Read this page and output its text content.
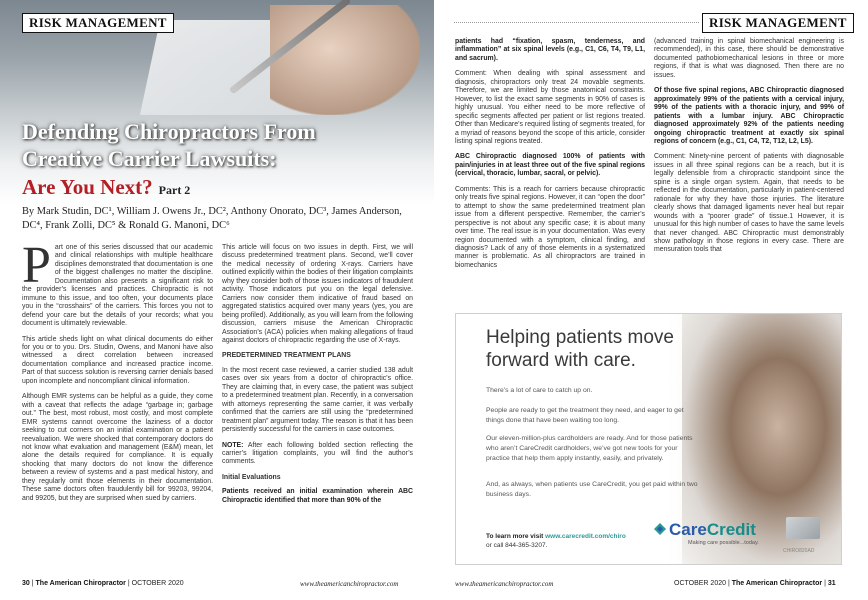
RISK MANAGEMENT
Defending Chiropractors From
Creative Carrier Lawsuits:
Are You Next? Part 2
By Mark Studin, DC¹, William J. Owens Jr., DC², Anthony Onorato, DC³, James Anderson, DC⁴, Frank Zolli, DC⁵ & Ronald G. Manoni, DC⁶

Part one of this series discussed that our academic and clinical relationships with multiple healthcare disciplines demonstrated that documentation is one of the biggest challenges no matter the discipline. Documentation also presents a significant risk to the provider’s licenses and practices. Chiropractic is not immune to this issue, and too often, your documents place you in the “crosshairs” of the carriers. This forces you not to defend your care but the details of your records; what you document is ultimately reviewable.

This article sheds light on what clinical documents do either for you or to you. Drs. Studin, Owens, and Manoni have also witnessed a direct correlation between increased documentation compliance and increased practice income. Part of that success solution is reversing carrier denials based upon incomplete and noncompliant clinical information.

Although EMR systems can be helpful as a guide, they come with a caveat that reflects the adage “garbage in; garbage out.” The best, most robust, most costly, and most complete EMR systems cannot overcome the laziness of a doctor seeking to cut corners on an initial examination or a patient reevaluation. We were shocked that contemporary doctors do not know what evaluation and management (E&M) mean, let alone the details required for compliance. It is equally shocking that many doctors do not know the difference between a review of systems and a past medical history, and they regularly omit those elements in their documentation. These same doctors often fraudulently bill for 99203, 99204, and 99205, but they are surprised when sued by carriers.

This article will focus on two issues in depth. First, we will discuss predetermined treatment plans. Second, we’ll cover the medical necessity of ordering X-rays. Carriers have outlined explicitly within the bodies of their litigation complaints why they consider both of those issues indicators of fraudulent activity. Those indicators put you on the legal defensive. Carriers now consider them indicative of fraud based on aggregated statistics acquired over many years (yes, you are being profiled). Additionally, as you will learn from the following discussion, carriers misuse the American Chiropractic Association’s (ACA) policies when making allegations of fraud against doctors of chiropractic regarding the use of X-rays.

PREDETERMINED TREATMENT PLANS

In the most recent case reviewed, a carrier studied 138 adult cases over six years from a doctor of chiropractic’s office. They are claiming that, in every case, the patient was subject to a predetermined treatment plan. Recently, in a conversation with attorneys representing the same carrier, it was verbally confirmed that the carriers are still using the “predetermined treatment plan” argument today. The reason is that it has been persistently successful for the carriers in case outcomes.

NOTE: After each following bolded section reflecting the carrier’s litigation complaints, you will find the author’s comments.

Initial Evaluations

Patients received an initial examination wherein ABC Chiropractic identified that more than 90% of the

30 | The American Chiropractor | OCTOBER 2020	www.theamericanchiropractor.com
RISK MANAGEMENT

patients had “fixation, spasm, tenderness, and inflammation” at six spinal levels (e.g., C1, C6, T4, T9, L1, and sacrum).

Comment: When dealing with spinal assessment and diagnosis, chiropractors only treat 24 movable segments. Therefore, we are limited by those anatomical constraints. However, to list the exact same segments in 90% of cases is highly unusual. You either need to be more reflective of specific segments affected per patient or list regions treated. Other than Medicare’s required listing of segments treated, for a myriad of reasons beyond the scope of this article, consider listing spinal regions treated.

ABC Chiropractic diagnosed 100% of patients with pain/injuries in at least three out of the five spinal regions (cervical, thoracic, lumbar, sacral, or pelvic).

Comments: This is a reach for carriers because chiropractic only treats five spinal regions. However, it can “open the door” to attempt to show the same predetermined treatment plan issue from a different perspective. Remember, the carrier’s perspective is not about any specific case; it is about many over time. The real issue is in your documentation. Was every region documented with a symptom, clinical finding, and diagnosis? Lack of any of those elements in a systematized manner is problematic. As all chiropractors are trained in biomechanics

(advanced training in spinal biomechanical engineering is recommended), in this case, there should be demonstrative documented pathobiomechanical lesions in three or more regions, if that is what was diagnosed. Then there are no issues.

Of those five spinal regions, ABC Chiropractic diagnosed approximately 99% of the patients with a cervical injury, 99% of the patients with a thoracic injury, and 99% of patients with a lumbar injury. ABC Chiropractic diagnosed approximately 92% of the patients needing ongoing chiropractic treatment at exactly six spinal regions of concern (e.g., C1, C4, T2, T12, L2, L5).

Comment: Ninety-nine percent of patients with diagnosable issues in all three spinal regions can be a reach, but it is legally defensible from a chiropractic standpoint since the spine is a single organ system. Again, that needs to be reflected in the documentation, particularly in patient-centered rationale for why they have those injuries. The literature clearly shows that damaged ligaments never heal but repair wounds with a “poorer grade” of tissue.1 However, it is unusual for this high number of cases to have the same levels that never changed. ABC Chiropractic must demonstrably show pathology in those regions in every case. There are mensuration tools that

www.theamericanchiropractor.com	OCTOBER 2020 | The American Chiropractor | 31
Helping patients move forward with care.
There’s a lot of care to catch up on.
People are ready to get the treatment they need, and eager to get things done that have been waiting too long.
Our eleven-million-plus cardholders are ready. And for those patients who aren’t CareCredit cardholders, we’ve got new tools for your practice that help them apply instantly, easily, and privately.
And, as always, when patients use CareCredit, you get paid within two business days.
To learn more visit www.carecredit.com/chiro
or call 844-365-3207.
CareCredit
Making care possible...today.
CHIRO820AD
